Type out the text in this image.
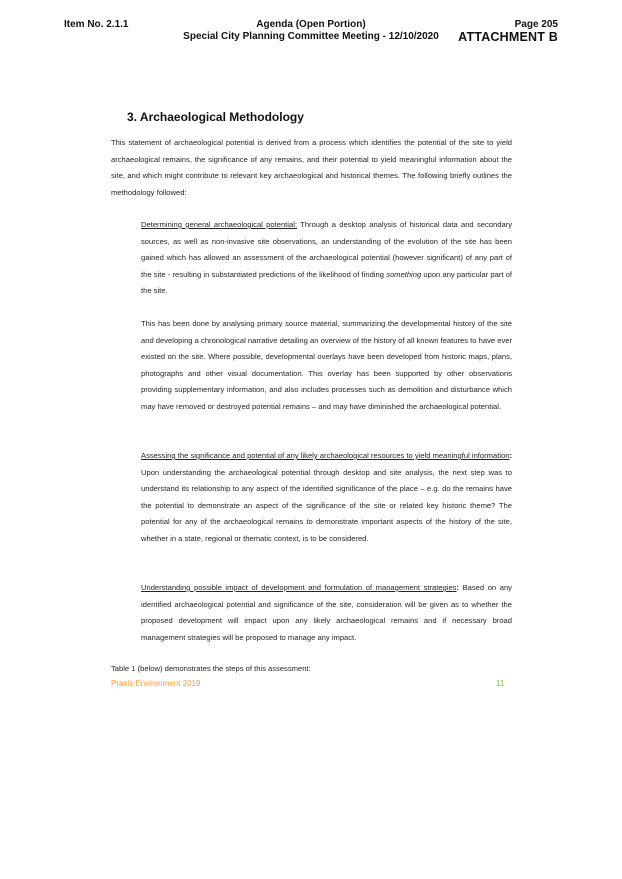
Item No. 2.1.1	Agenda (Open Portion)
Special City Planning Committee Meeting - 12/10/2020
Page 205
ATTACHMENT B
3. Archaeological Methodology
This statement of archaeological potential is derived from a process which identifies the potential of the site to yield archaeological remains, the significance of any remains, and their potential to yield meaningful information about the site, and which might contribute to relevant key archaeological and historical themes. The following briefly outlines the methodology followed:
Determining general archaeological potential: Through a desktop analysis of historical data and secondary sources, as well as non-invasive site observations, an understanding of the evolution of the site has been gained which has allowed an assessment of the archaeological potential (however significant) of any part of the site - resulting in substantiated predictions of the likelihood of finding something upon any particular part of the site.
This has been done by analysing primary source material, summarizing the developmental history of the site and developing a chronological narrative detailing an overview of the history of all known features to have ever existed on the site. Where possible, developmental overlays have been developed from historic maps, plans, photographs and other visual documentation. This overlay has been supported by other observations providing supplementary information, and also includes processes such as demolition and disturbance which may have removed or destroyed potential remains – and may have diminished the archaeological potential.
Assessing the significance and potential of any likely archaeological resources to yield meaningful information: Upon understanding the archaeological potential through desktop and site analysis, the next step was to understand its relationship to any aspect of the identified significance of the place – e.g. do the remains have the potential to demonstrate an aspect of the significance of the site or related key historic theme? The potential for any of the archaeological remains to demonstrate important aspects of the history of the site, whether in a state, regional or thematic context, is to be considered.
Understanding possible impact of development and formulation of management strategies: Based on any identified archaeological potential and significance of the site, consideration will be given as to whether the proposed development will impact upon any likely archaeological remains and if necessary broad management strategies will be proposed to manage any impact.
Table 1 (below) demonstrates the steps of this assessment:
Praxis Environment 2019	11
